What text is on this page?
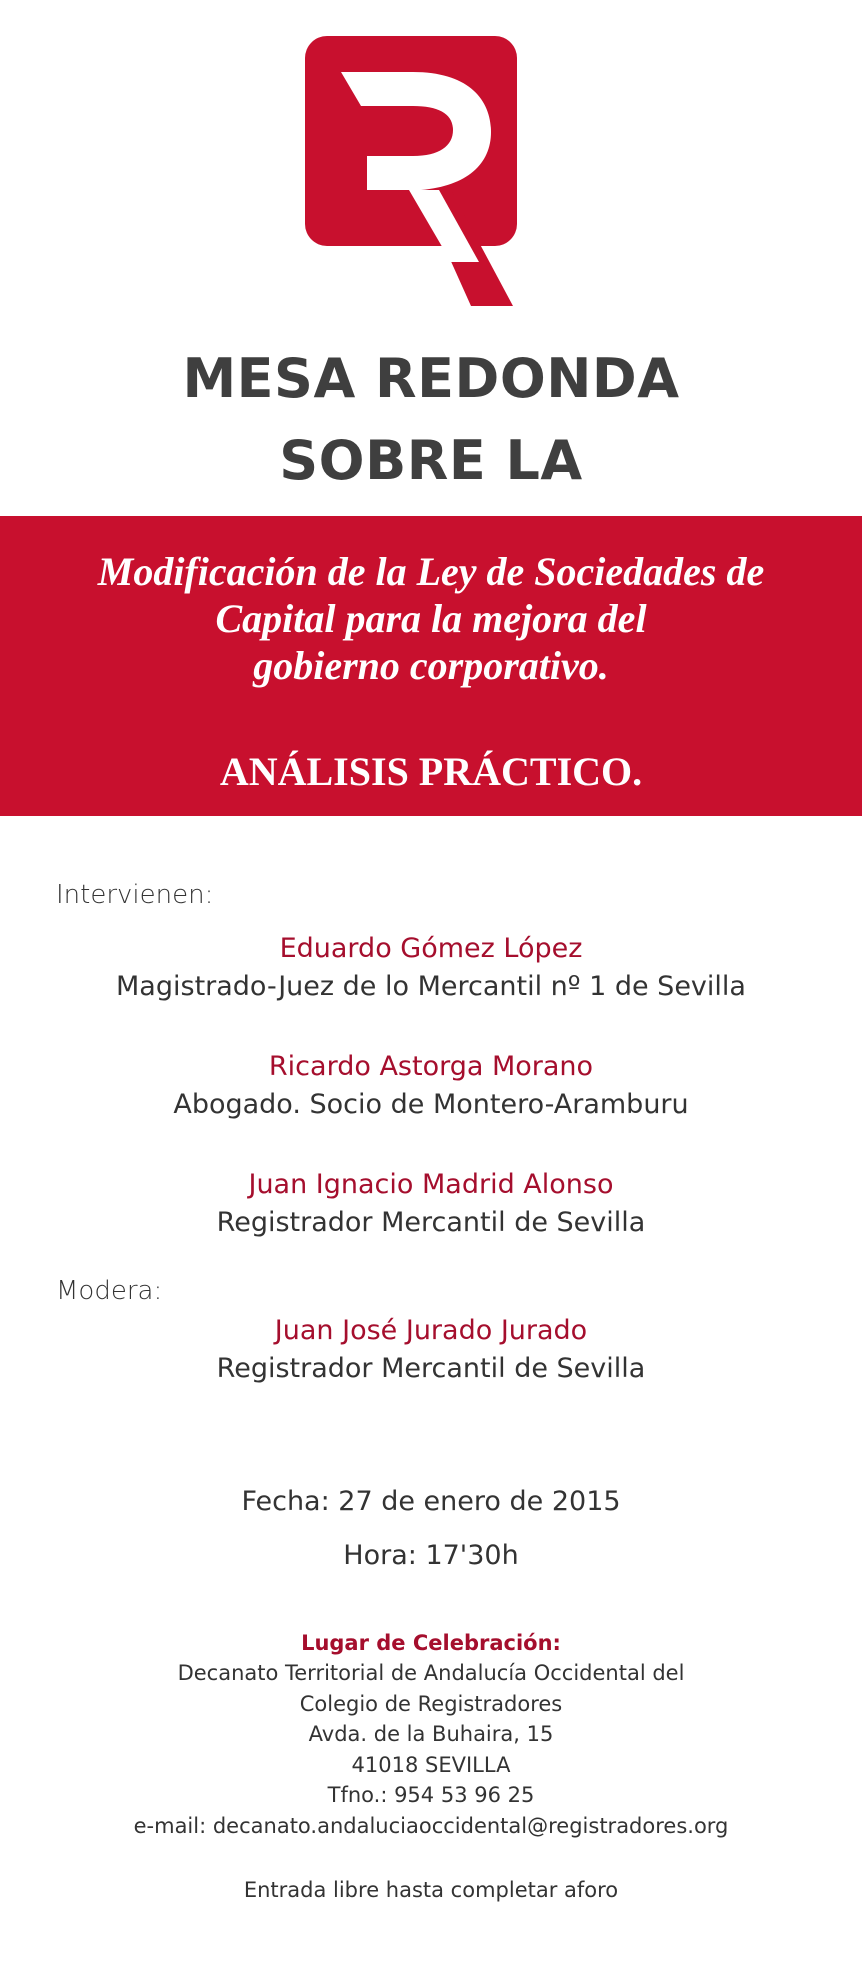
MESA REDONDA
SOBRE LA
Modificación de la Ley de Sociedades de
Capital para la mejora del
gobierno corporativo.
ANÁLISIS PRÁCTICO.
Intervienen:
Eduardo Gómez López
Magistrado-Juez de lo Mercantil nº 1 de Sevilla
Ricardo Astorga Morano
Abogado. Socio de Montero-Aramburu
Juan Ignacio Madrid Alonso
Registrador Mercantil de Sevilla
Modera:
Juan José Jurado Jurado
Registrador Mercantil de Sevilla
Fecha: 27 de enero de 2015
Hora: 17'30h
Lugar de Celebración:
Decanato Territorial de Andalucía Occidental del
Colegio de Registradores
Avda. de la Buhaira, 15
41018 SEVILLA
Tfno.: 954 53 96 25
e-mail: decanato.andaluciaoccidental@registradores.org
Entrada libre hasta completar aforo
